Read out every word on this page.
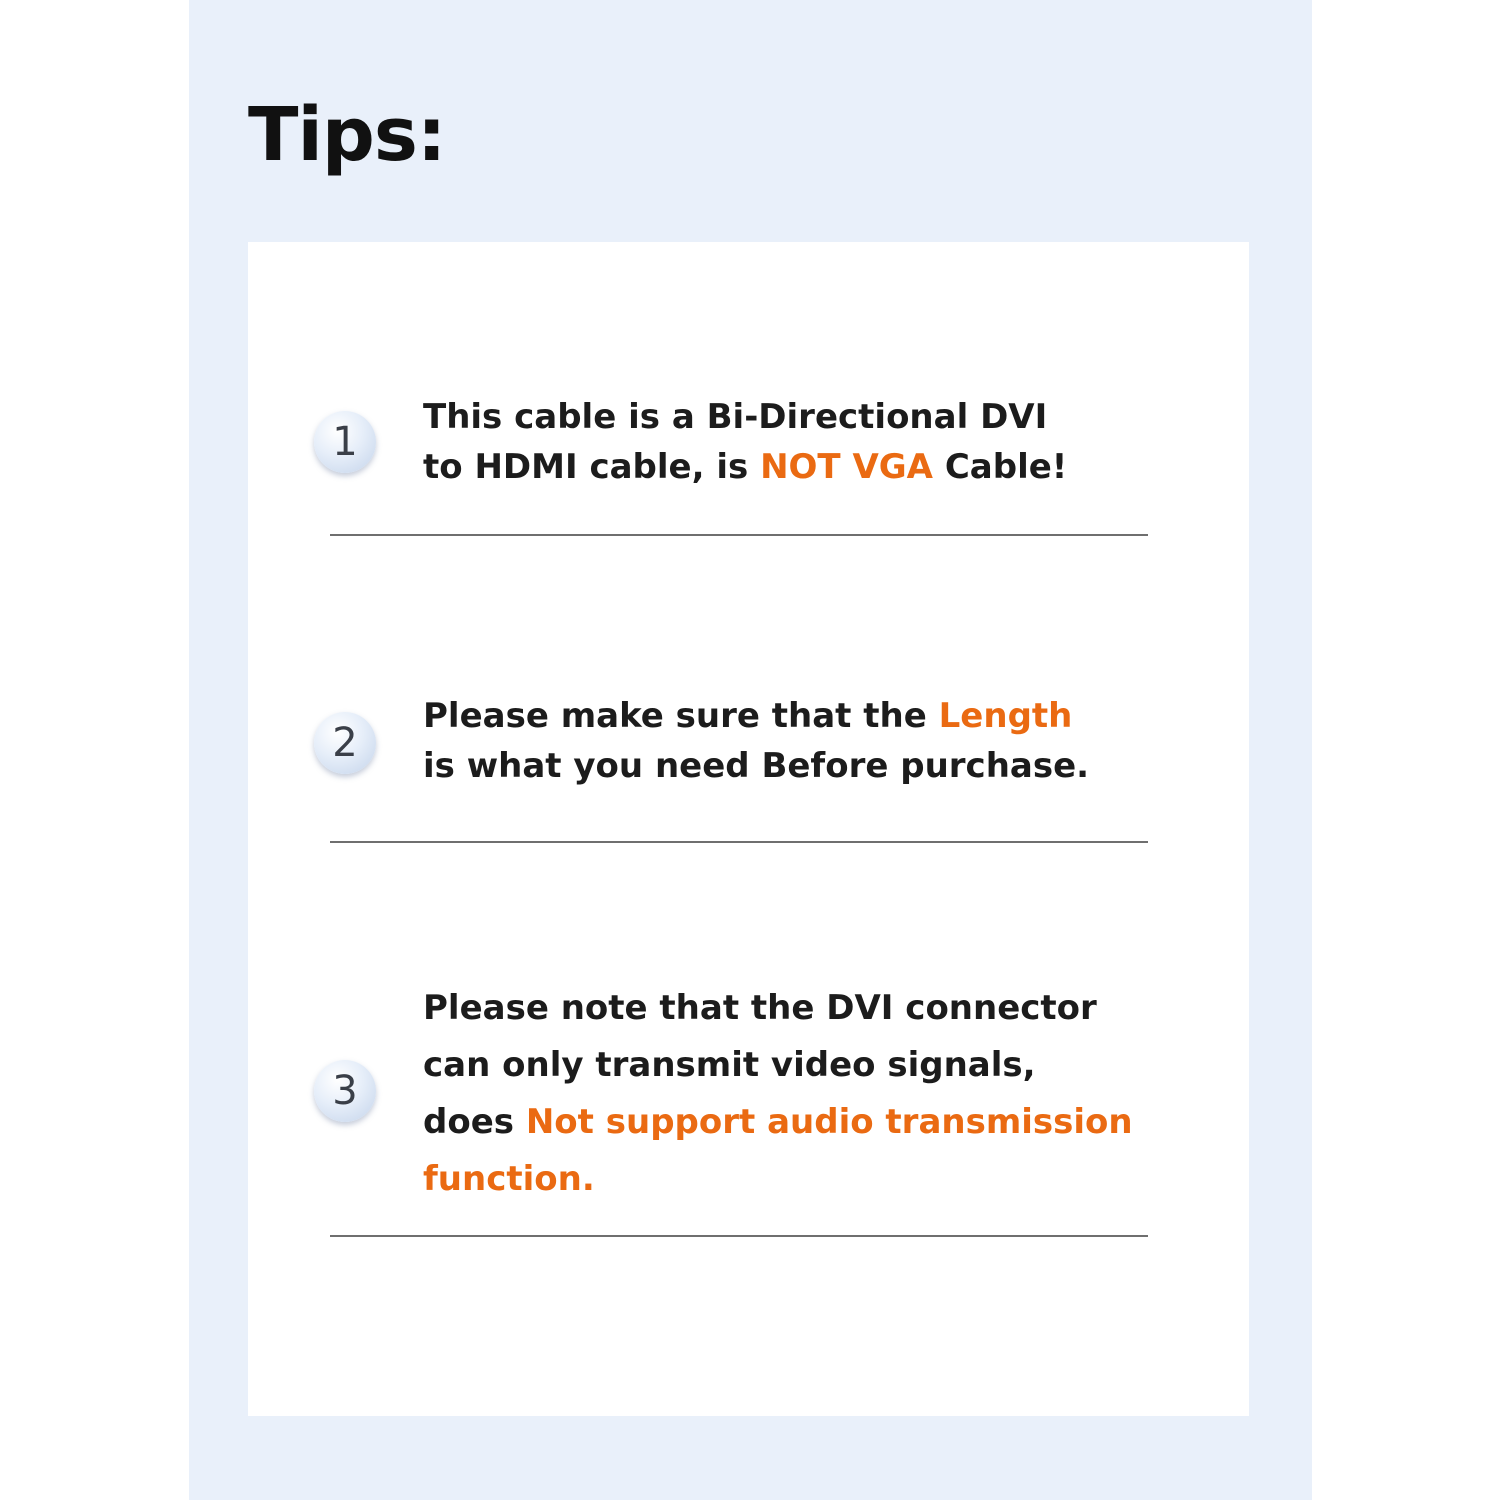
Tips:
1
This cable is a Bi-Directional DVI
to HDMI cable, is NOT VGA Cable!
2
Please make sure that the Length
is what you need Before purchase.
3
Please note that the DVI connector
can only transmit video signals,
does Not support audio transmission
function.
